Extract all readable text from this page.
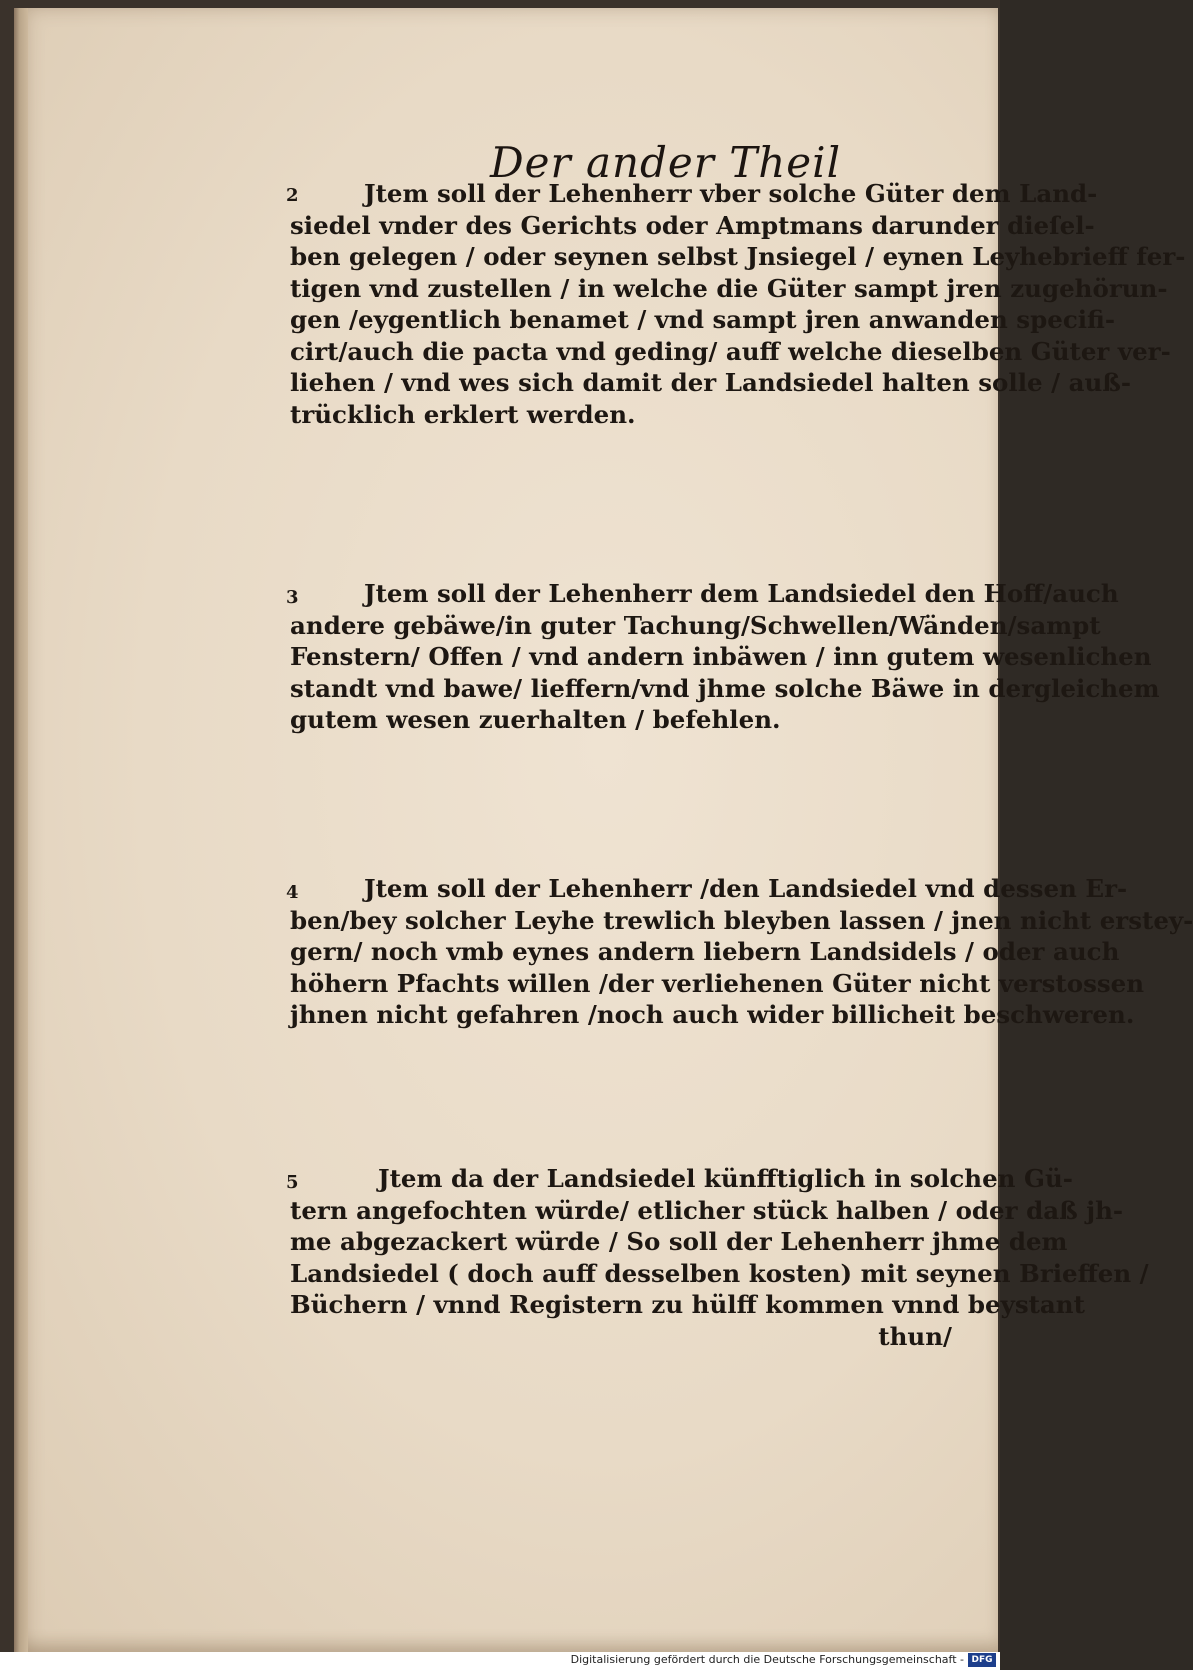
Der ander Theil
2	Jtem soll der Lehenherr vber solche Güter dem Land-
siedel vnder des Gerichts oder Amptmans darunder dieſel-
ben gelegen / oder seynen selbst Jnsiegel / eynen Leyhebrieff fer-
tigen vnd zustellen / in welche die Güter sampt jren zugehörun-
gen /eygentlich benamet / vnd sampt jren anwanden specifi-
cirt/auch die pacta vnd geding/ auff welche dieselben Güter ver-
liehen / vnd wes sich damit der Landsiedel halten solle / auß-
trücklich erklert werden.
3	Jtem soll der Lehenherr dem Landsiedel den Hoff/auch
andere gebäwe/in guter Tachung/Schwellen/Wänden/sampt
Fenstern/ Offen / vnd andern inbäwen / inn gutem wesenlichen
standt vnd bawe/ lieffern/vnd jhme solche Bäwe in dergleichem
gutem wesen zuerhalten / befehlen.
4	Jtem soll der Lehenherr /den Landsiedel vnd dessen Er-
ben/bey solcher Leyhe trewlich bleyben lassen / jnen nicht erstey-
gern/ noch vmb eynes andern liebern Landsidels / oder auch
höhern Pfachts willen /der verliehenen Güter nicht verstossen
jhnen nicht gefahren /noch auch wider billicheit beschweren.
5	Jtem da der Landsiedel künfftiglich in solchen Gü-
tern angefochten würde/ etlicher stück halben / oder daß jh-
me abgezackert würde / So soll der Lehenherr jhme dem
Landsiedel ( doch auff desselben kosten) mit seynen Brieffen /
Büchern / vnnd Registern zu hülff kommen vnnd beystant
thun/
Digitalisierung gefördert durch die Deutsche Forschungsgemeinschaft - DFG
